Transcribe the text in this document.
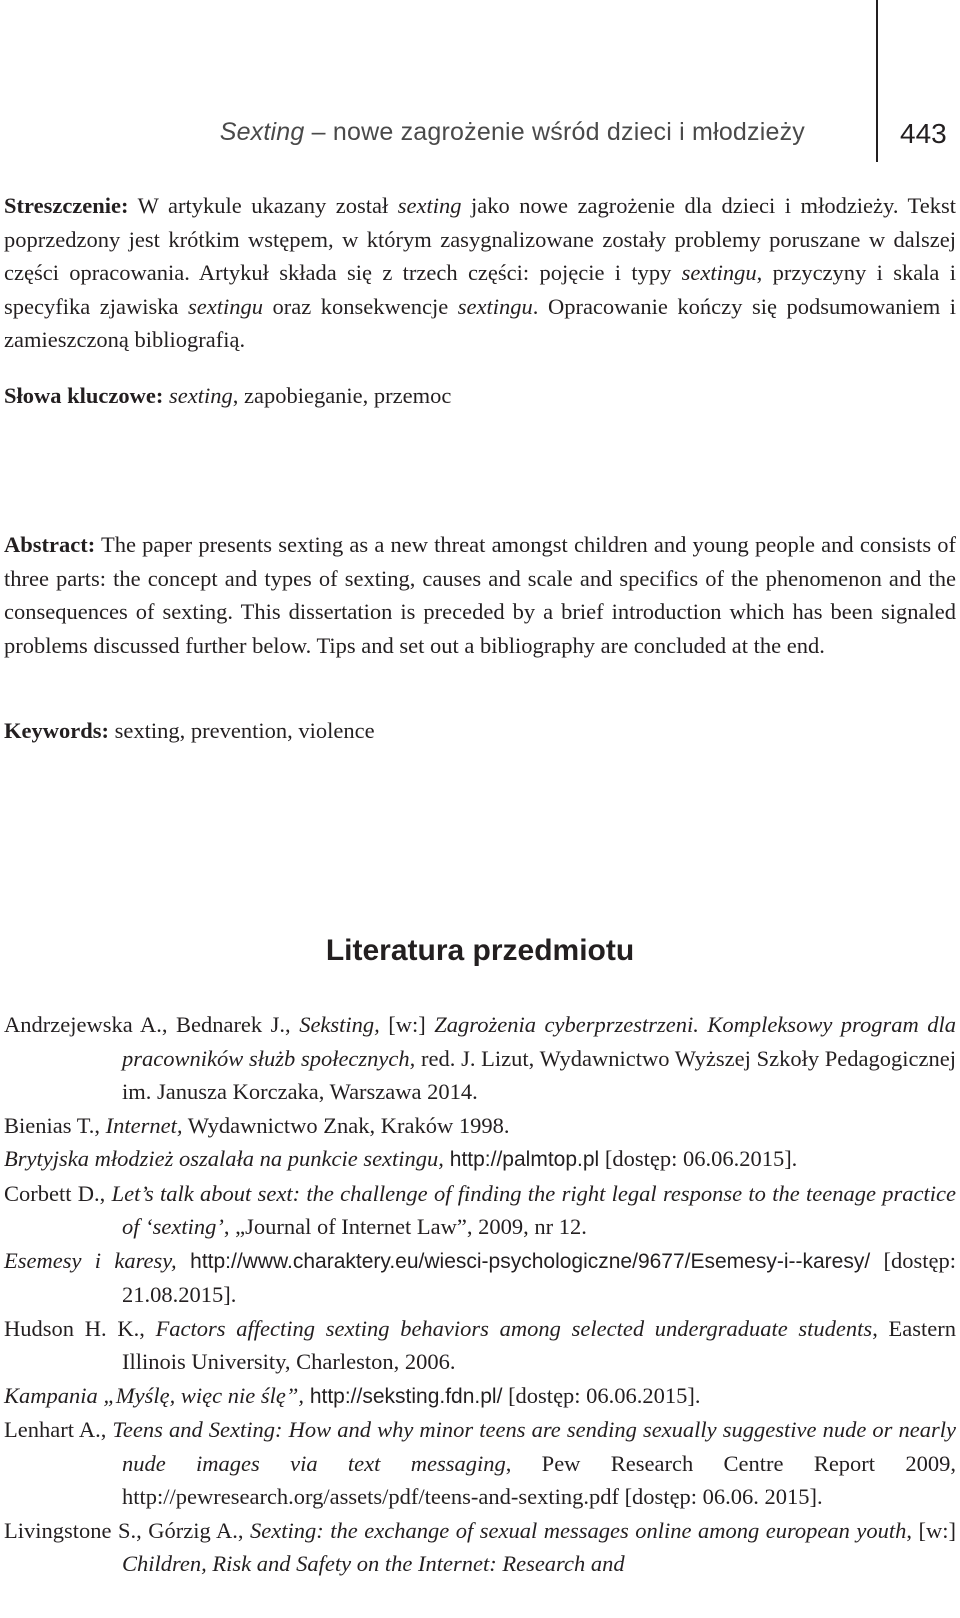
Sexting – nowe zagrożenie wśród dzieci i młodzieży	443

Streszczenie: W artykule ukazany został sexting jako nowe zagrożenie dla dzieci i młodzieży. Tekst poprzedzony jest krótkim wstępem, w którym zasygnalizowane zostały problemy poruszane w dalszej części opracowania. Artykuł składa się z trzech części: pojęcie i typy sextingu, przyczyny i skala i specyfika zjawiska sextingu oraz konsekwencje sextingu. Opracowanie kończy się podsumowaniem i zamieszczoną bibliografią.

Słowa kluczowe: sexting, zapobieganie, przemoc

Abstract: The paper presents sexting as a new threat amongst children and young people and consists of three parts: the concept and types of sexting, causes and scale and specifics of the phenomenon and the consequences of sexting. This dissertation is preceded by a brief introduction which has been signaled problems discussed further below. Tips and set out a bibliography are concluded at the end.

Keywords: sexting, prevention, violence

Literatura przedmiotu

Andrzejewska A., Bednarek J., Seksting, [w:] Zagrożenia cyberprzestrzeni. Kompleksowy program dla pracowników służb społecznych, red. J. Lizut, Wydawnictwo Wyższej Szkoły Pedagogicznej im. Janusza Korczaka, Warszawa 2014.

Bienias T., Internet, Wydawnictwo Znak, Kraków 1998.

Brytyjska młodzież oszalała na punkcie sextingu, http://palmtop.pl [dostęp: 06.06.2015].

Corbett D., Let’s talk about sext: the challenge of finding the right legal response to the teenage practice of ‘sexting’, „Journal of Internet Law”, 2009, nr 12.

Esemesy i karesy, http://www.charaktery.eu/wiesci-psychologiczne/9677/Esemesy-i--karesy/ [dostęp: 21.08.2015].

Hudson H. K., Factors affecting sexting behaviors among selected undergraduate students, Eastern Illinois University, Charleston, 2006.

Kampania „Myślę, więc nie ślę”, http://seksting.fdn.pl/ [dostęp: 06.06.2015].

Lenhart A., Teens and Sexting: How and why minor teens are sending sexually suggestive nude or nearly nude images via text messaging, Pew Research Centre Report 2009, http://pewresearch.org/assets/pdf/teens-and-sexting.pdf [dostęp: 06.06. 2015].

Livingstone S., Górzig A., Sexting: the exchange of sexual messages online among european youth, [w:] Children, Risk and Safety on the Internet: Research and
